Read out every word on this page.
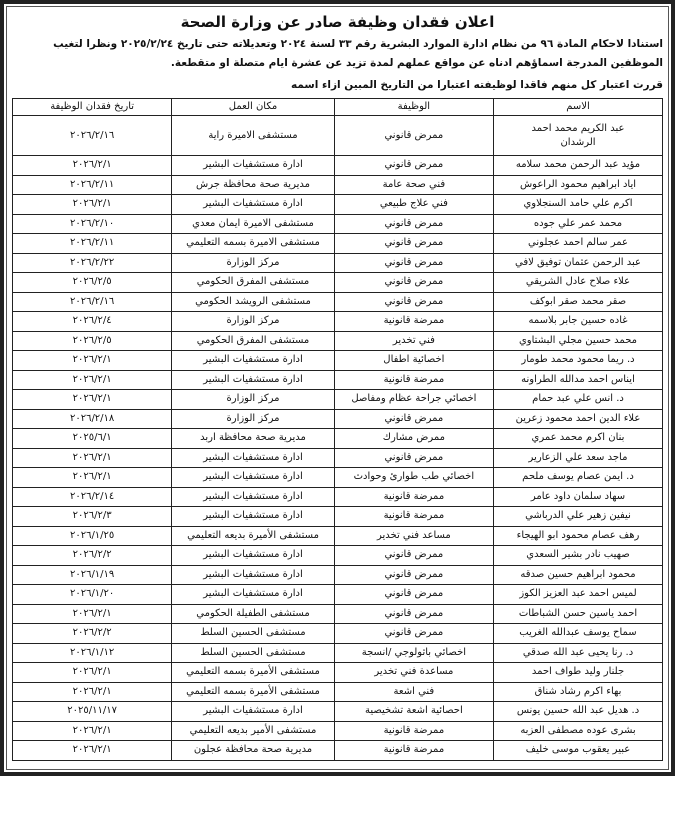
اعلان فقدان وظيفة صادر عن وزارة الصحة
استنادا لاحكام المادة ٩٦ من نظام ادارة الموارد البشرية رقم ٣٣ لسنة ٢٠٢٤ وتعديلاته حتى تاريخ ٢٠٢٥/٢/٢٤ ونظرا لتغيب
الموظفين المدرجة اسماؤهم ادناه عن مواقع عملهم لمدة تزيد عن عشرة ايام متصلة او متقطعة.
قررت اعتبار كل منهم فاقدا لوظيفته اعتبارا من التاريخ المبين ازاء اسمه
الاسم	الوظيفة	مكان العمل	تاريخ فقدان الوظيفة
عبد الكريم محمد احمد الرشدان	ممرض قانوني	مستشفى الاميرة راية	٢٠٢٦/٢/١٦
مؤيد عبد الرحمن محمد سلامه	ممرض قانوني	ادارة مستشفيات البشير	٢٠٢٦/٢/١
اياد ابراهيم محمود الراعوش	فني صحة عامة	مديرية صحة محافظة جرش	٢٠٢٦/٢/١١
اكرم علي حامد السنجلاوي	فني علاج طبيعي	ادارة مستشفيات البشير	٢٠٢٦/٢/١
محمد عمر علي جوده	ممرض قانوني	مستشفى الاميرة ايمان معدي	٢٠٢٦/٢/١٠
عمر سالم احمد عجلوني	ممرض قانوني	مستشفى الاميرة بسمه التعليمي	٢٠٢٦/٢/١١
عبد الرحمن عثمان توفيق لافي	ممرض قانوني	مركز الوزارة	٢٠٢٦/٢/٢٢
علاء صلاح عادل الشريقي	ممرض قانوني	مستشفى المفرق الحكومي	٢٠٢٦/٢/٥
صقر محمد صقر ابوكف	ممرض قانوني	مستشفى الرويشد الحكومي	٢٠٢٦/٢/١٦
غاده حسين جابر بلاسمه	ممرضة قانونية	مركز الوزارة	٢٠٢٦/٢/٤
محمد حسين مجلي البشتاوي	فني تخدير	مستشفى المفرق الحكومي	٢٠٢٦/٢/٥
د. ريما محمود محمد طومار	اخصائية اطفال	ادارة مستشفيات البشير	٢٠٢٦/٢/١
ايناس احمد مدالله الطراونه	ممرضة قانونية	ادارة مستشفيات البشير	٢٠٢٦/٢/١
د. انس علي عبد حمام	اخصائي جراحة عظام ومفاصل	مركز الوزارة	٢٠٢٦/٢/١
علاء الدين احمد محمود زعرين	ممرض قانوني	مركز الوزارة	٢٠٢٦/٢/١٨
بنان اكرم محمد عمري	ممرض مشارك	مديرية صحة محافظة اربد	٢٠٢٥/٦/١
ماجد سعد علي الزعارير	ممرض قانوني	ادارة مستشفيات البشير	٢٠٢٦/٢/١
د. ايمن عصام يوسف ملحم	اخصائي طب طوارئ وحوادث	ادارة مستشفيات البشير	٢٠٢٦/٢/١
سهاد سلمان داود عامر	ممرضة قانونية	ادارة مستشفيات البشير	٢٠٢٦/٢/١٤
نيفين زهير علي الدرباشي	ممرضة قانونية	ادارة مستشفيات البشير	٢٠٢٦/٢/٣
رهف عصام محمود ابو الهيجاء	مساعد فني تخدير	مستشفى الأميرة بديعه التعليمي	٢٠٢٦/١/٢٥
صهيب نادر بشير السعدي	ممرض قانوني	ادارة مستشفيات البشير	٢٠٢٦/٢/٢
محمود ابراهيم حسين صدقه	ممرض قانوني	ادارة مستشفيات البشير	٢٠٢٦/١/١٩
لميس احمد عبد العزيز الكوز	ممرض قانوني	ادارة مستشفيات البشير	٢٠٢٦/١/٢٠
احمد ياسين حسن الشباطات	ممرض قانوني	مستشفى الطفيلة الحكومي	٢٠٢٦/٢/١
سماح يوسف عبدالله الغريب	ممرض قانوني	مستشفى الحسين السلط	٢٠٢٦/٢/٢
د. رنا يحيى عبد الله صدقي	اخصائي باثولوجي /انسجة	مستشفى الحسين السلط	٢٠٢٦/١/١٢
جلنار وليد طواف احمد	مساعدة فني تخدير	مستشفى الأميرة بسمه التعليمي	٢٠٢٦/٢/١
بهاء اكرم رشاد شناق	فني اشعة	مستشفى الأميرة بسمه التعليمي	٢٠٢٦/٢/١
د. هديل عبد الله حسين يونس	احصائية اشعة تشخيصية	ادارة مستشفيات البشير	٢٠٢٥/١١/١٧
بشرى عوده مصطفى العزبه	ممرضة قانونية	مستشفى الأمير بديعه التعليمي	٢٠٢٦/٢/١
عبير يعقوب موسى خليف	ممرضة قانونية	مديرية صحة محافظة عجلون	٢٠٢٦/٢/١
